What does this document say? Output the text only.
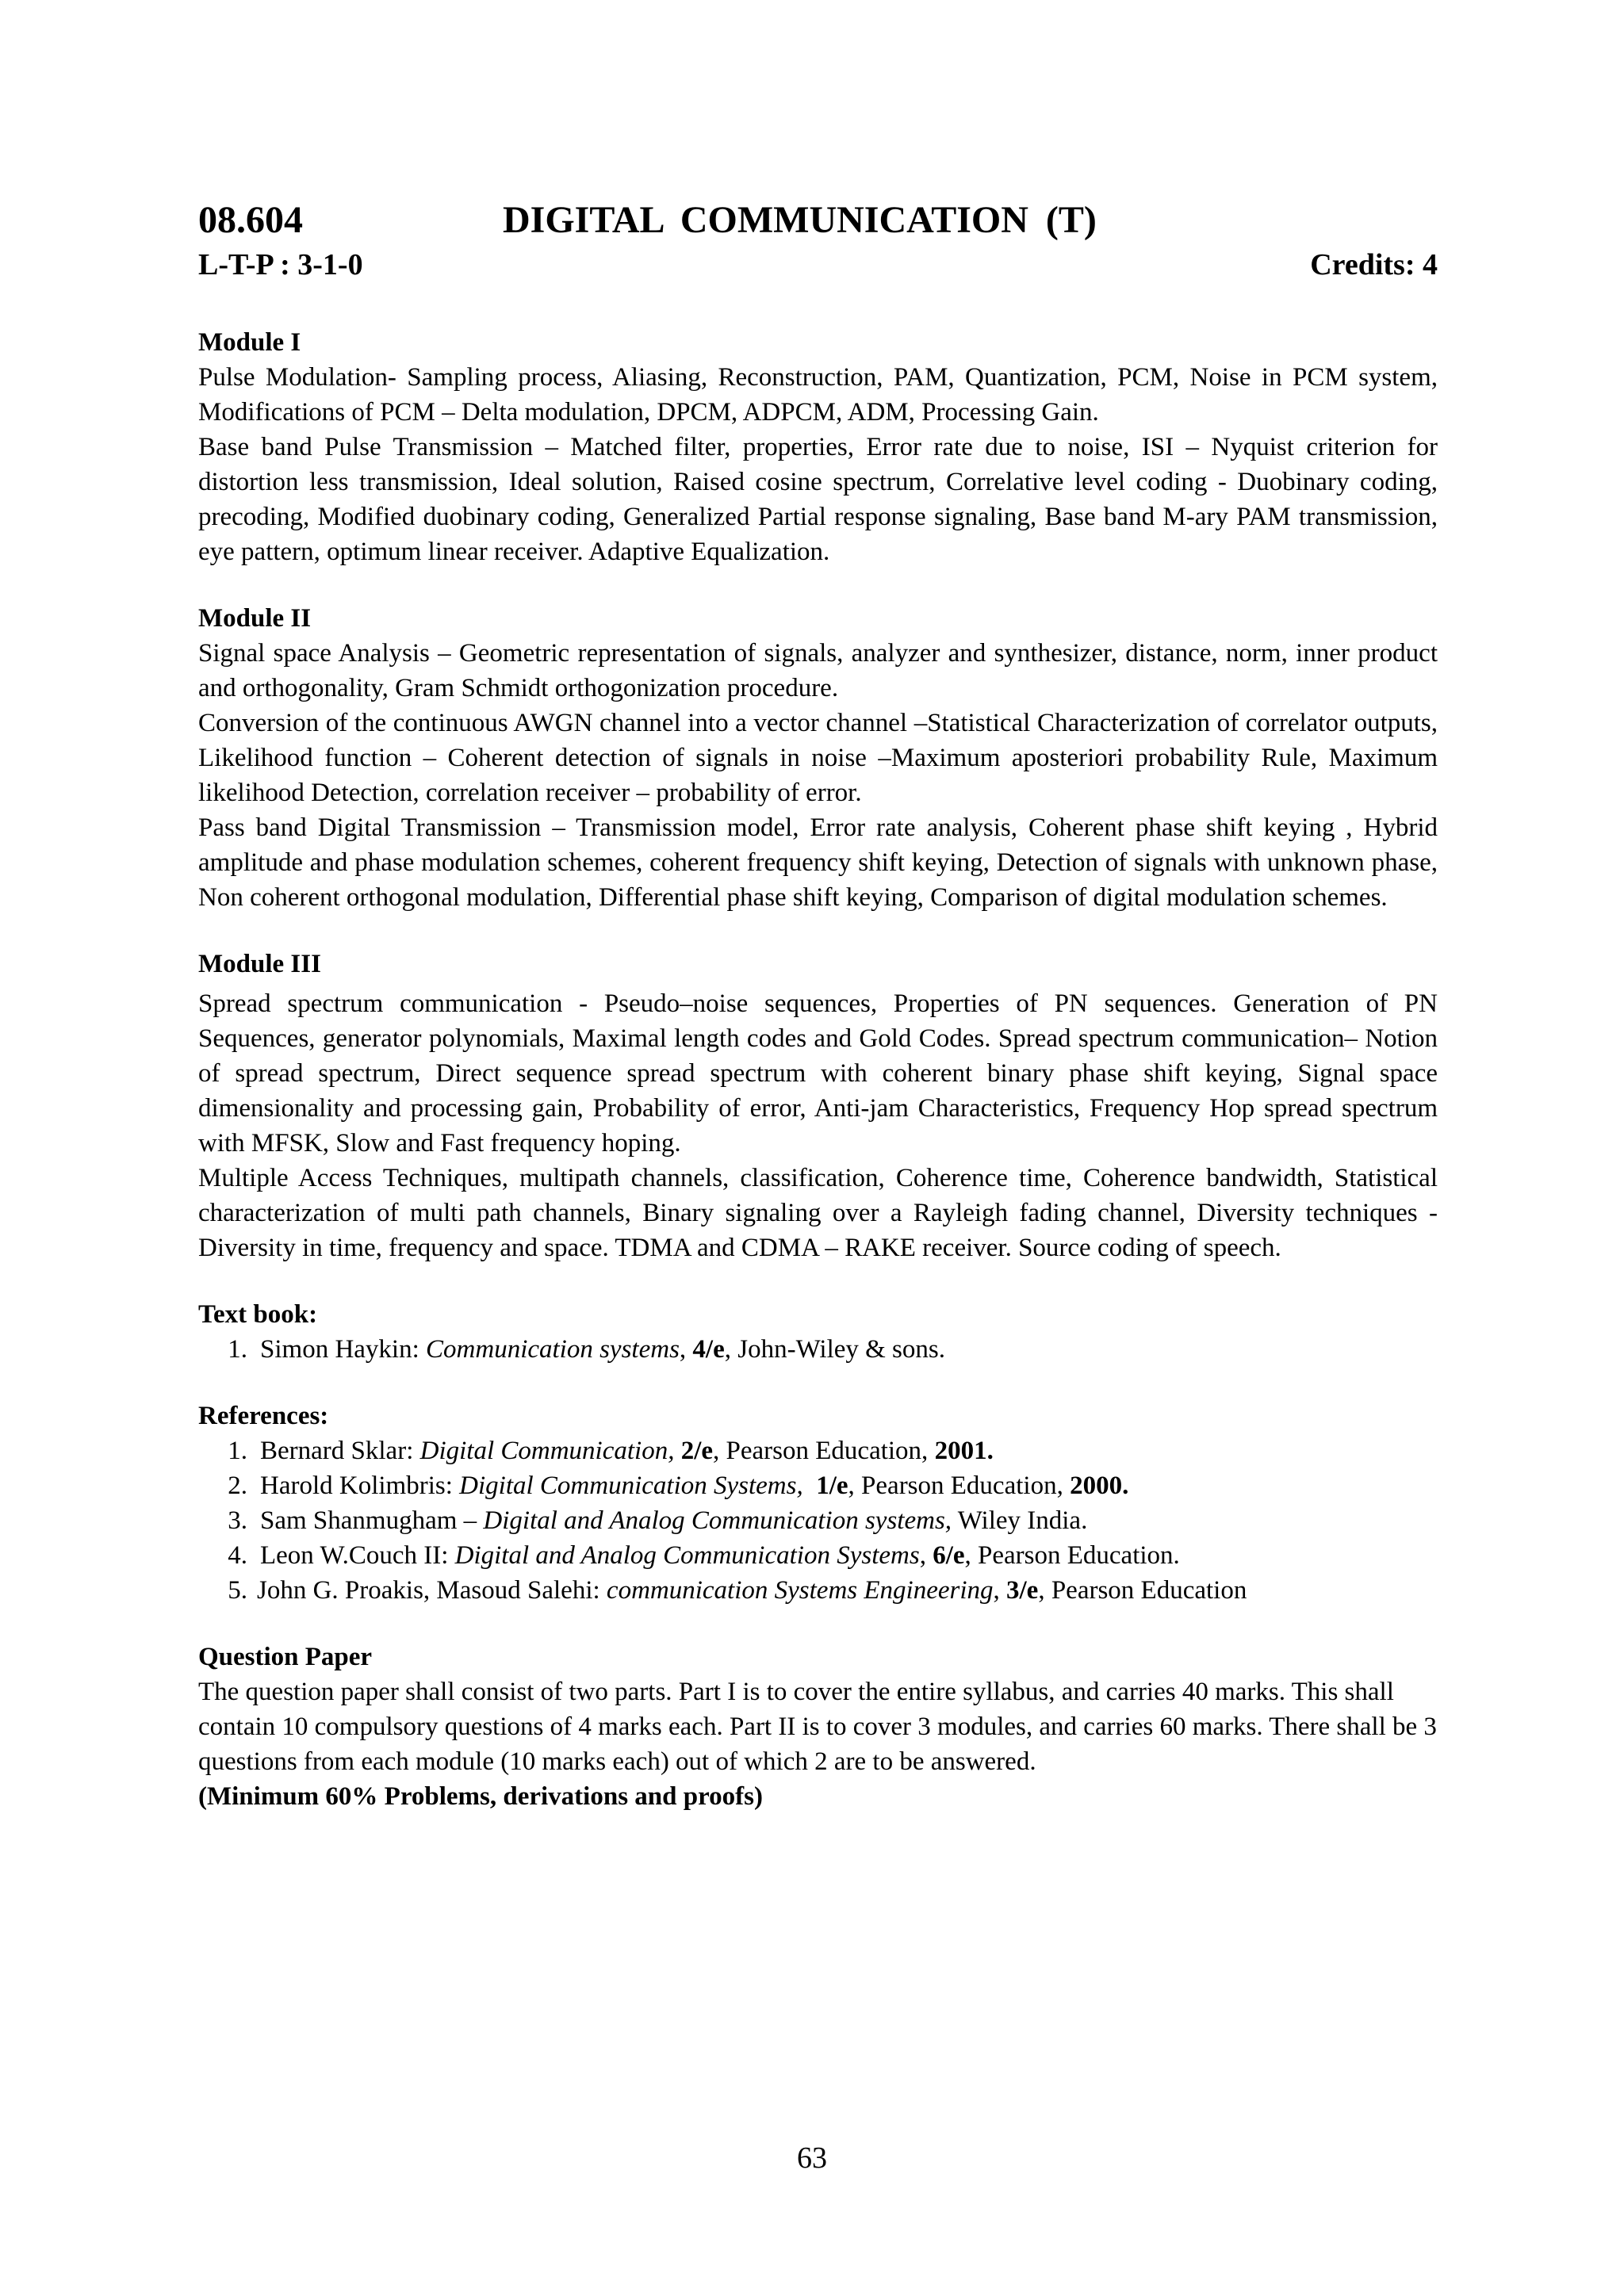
08.604	DIGITAL COMMUNICATION (T)
L-T-P : 3-1-0	Credits: 4
Module I

Pulse Modulation- Sampling process, Aliasing, Reconstruction, PAM, Quantization, PCM, Noise in PCM system, Modifications of PCM – Delta modulation, DPCM, ADPCM, ADM, Processing Gain.

Base band Pulse Transmission – Matched filter, properties, Error rate due to noise, ISI – Nyquist criterion for distortion less transmission, Ideal solution, Raised cosine spectrum, Correlative level coding - Duobinary coding, precoding, Modified duobinary coding, Generalized Partial response signaling, Base band M-ary PAM transmission, eye pattern, optimum linear receiver. Adaptive Equalization.

Module II

Signal space Analysis – Geometric representation of signals, analyzer and synthesizer, distance, norm, inner product and orthogonality, Gram Schmidt orthogonization procedure.

Conversion of the continuous AWGN channel into a vector channel –Statistical Characterization of correlator outputs, Likelihood function – Coherent detection of signals in noise –Maximum aposteriori probability Rule, Maximum likelihood Detection, correlation receiver – probability of error.

Pass band Digital Transmission – Transmission model, Error rate analysis, Coherent phase shift keying , Hybrid amplitude and phase modulation schemes, coherent frequency shift keying, Detection of signals with unknown phase, Non coherent orthogonal modulation, Differential phase shift keying, Comparison of digital modulation schemes.

Module III

Spread spectrum communication - Pseudo–noise sequences, Properties of PN sequences. Generation of PN Sequences, generator polynomials, Maximal length codes and Gold Codes. Spread spectrum communication– Notion of spread spectrum, Direct sequence spread spectrum with coherent binary phase shift keying, Signal space dimensionality and processing gain, Probability of error, Anti-jam Characteristics, Frequency Hop spread spectrum with MFSK, Slow and Fast frequency hoping.

Multiple Access Techniques, multipath channels, classification, Coherence time, Coherence bandwidth, Statistical characterization of multi path channels, Binary signaling over a Rayleigh fading channel, Diversity techniques - Diversity in time, frequency and space. TDMA and CDMA – RAKE receiver. Source coding of speech.

Text book:
1. Simon Haykin: Communication systems, 4/e, John-Wiley & sons.
References:
1. Bernard Sklar: Digital Communication, 2/e, Pearson Education, 2001.
2. Harold Kolimbris: Digital Communication Systems, 1/e, Pearson Education, 2000.
3. Sam Shanmugham – Digital and Analog Communication systems, Wiley India.
4. Leon W.Couch II: Digital and Analog Communication Systems, 6/e, Pearson Education.
5. John G. Proakis, Masoud Salehi: communication Systems Engineering, 3/e, Pearson Education
Question Paper

The question paper shall consist of two parts. Part I is to cover the entire syllabus, and carries 40 marks. This shall contain 10 compulsory questions of 4 marks each. Part II is to cover 3 modules, and carries 60 marks. There shall be 3 questions from each module (10 marks each) out of which 2 are to be answered.

(Minimum 60% Problems, derivations and proofs)
63
